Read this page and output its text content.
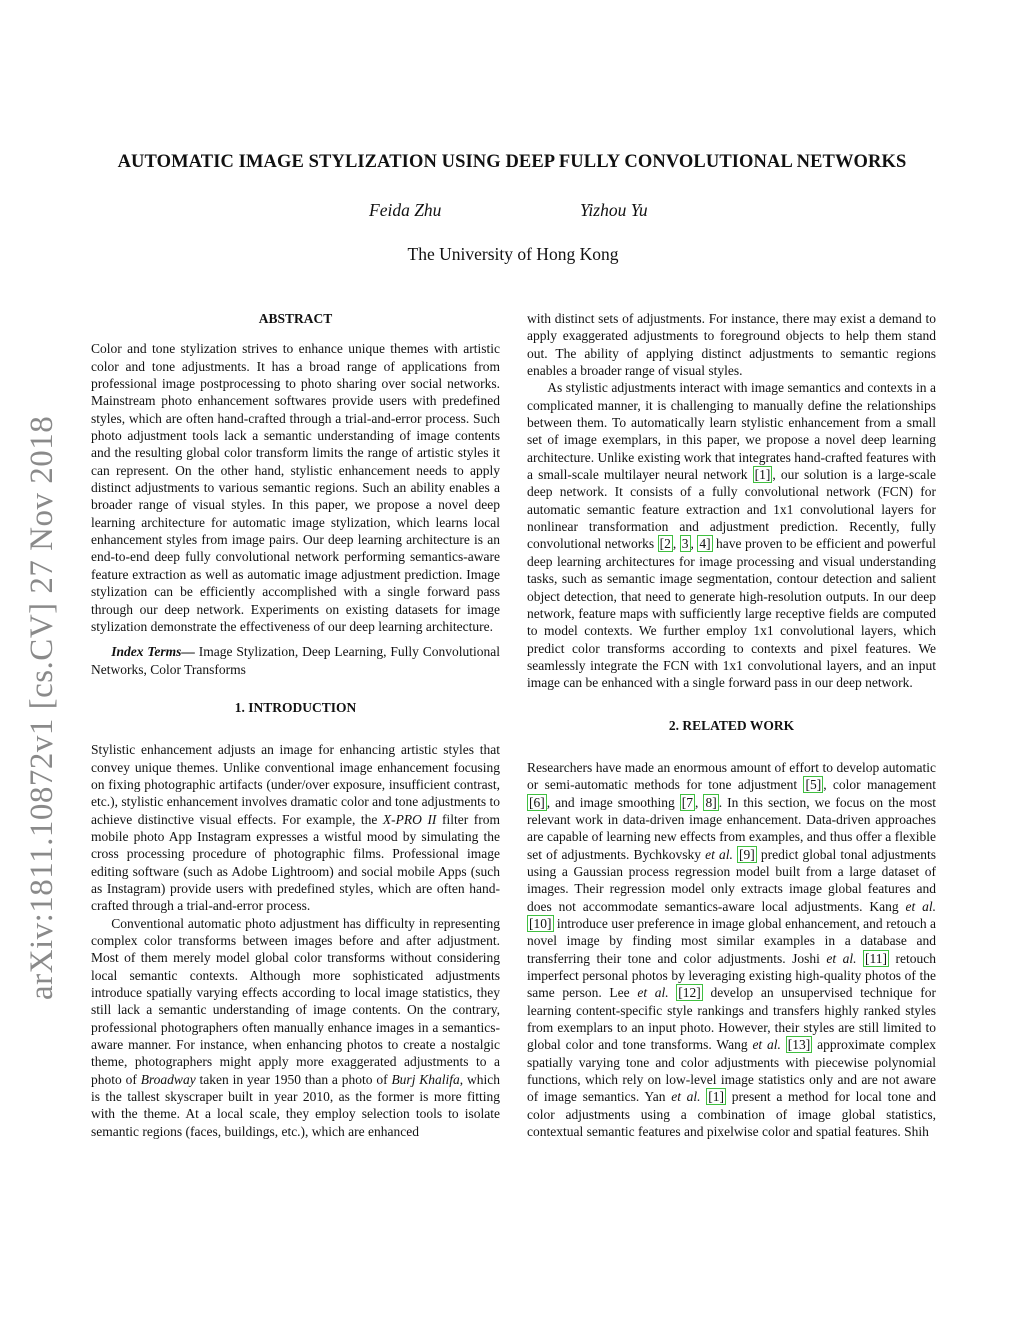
arXiv:1811.10872v1 [cs.CV] 27 Nov 2018
AUTOMATIC IMAGE STYLIZATION USING DEEP FULLY CONVOLUTIONAL NETWORKS
Feida Zhu	Yizhou Yu
The University of Hong Kong
ABSTRACT

Color and tone stylization strives to enhance unique themes with artistic color and tone adjustments. It has a broad range of applications from professional image postprocessing to photo sharing over social networks. Mainstream photo enhancement softwares provide users with predefined styles, which are often hand-crafted through a trial-and-error process. Such photo adjustment tools lack a semantic understanding of image contents and the resulting global color transform limits the range of artistic styles it can represent. On the other hand, stylistic enhancement needs to apply distinct adjustments to various semantic regions. Such an ability enables a broader range of visual styles. In this paper, we propose a novel deep learning architecture for automatic image stylization, which learns local enhancement styles from image pairs. Our deep learning architecture is an end-to-end deep fully convolutional network performing semantics-aware feature extraction as well as automatic image adjustment prediction. Image stylization can be efficiently accomplished with a single forward pass through our deep network. Experiments on existing datasets for image stylization demonstrate the effectiveness of our deep learning architecture.

Index Terms— Image Stylization, Deep Learning, Fully Convolutional Networks, Color Transforms

1. INTRODUCTION

Stylistic enhancement adjusts an image for enhancing artistic styles that convey unique themes. Unlike conventional image enhancement focusing on fixing photographic artifacts (under/over exposure, insufficient contrast, etc.), stylistic enhancement involves dramatic color and tone adjustments to achieve distinctive visual effects. For example, the X-PRO II filter from mobile photo App Instagram expresses a wistful mood by simulating the cross processing procedure of photographic films. Professional image editing software (such as Adobe Lightroom) and social mobile Apps (such as Instagram) provide users with predefined styles, which are often hand-crafted through a trial-and-error process.

Conventional automatic photo adjustment has difficulty in representing complex color transforms between images before and after adjustment. Most of them merely model global color transforms without considering local semantic contexts. Although more sophisticated adjustments introduce spatially varying effects according to local image statistics, they still lack a semantic understanding of image contents. On the contrary, professional photographers often manually enhance images in a semantics-aware manner. For instance, when enhancing photos to create a nostalgic theme, photographers might apply more exaggerated adjustments to a photo of Broadway taken in year 1950 than a photo of Burj Khalifa, which is the tallest skyscraper built in year 2010, as the former is more fitting with the theme. At a local scale, they employ selection tools to isolate semantic regions (faces, buildings, etc.), which are enhanced

with distinct sets of adjustments. For instance, there may exist a demand to apply exaggerated adjustments to foreground objects to help them stand out. The ability of applying distinct adjustments to semantic regions enables a broader range of visual styles.

As stylistic adjustments interact with image semantics and contexts in a complicated manner, it is challenging to manually define the relationships between them. To automatically learn stylistic enhancement from a small set of image exemplars, in this paper, we propose a novel deep learning architecture. Unlike existing work that integrates hand-crafted features with a small-scale multilayer neural network [1] , our solution is a large-scale deep network. It consists of a fully convolutional network (FCN) for automatic semantic feature extraction and 1x1 convolutional layers for nonlinear transformation and adjustment prediction. Recently, fully convolutional networks [2 , 3 , 4] have proven to be efficient and powerful deep learning architectures for image processing and visual understanding tasks, such as semantic image segmentation, contour detection and salient object detection, that need to generate high-resolution outputs. In our deep network, feature maps with sufficiently large receptive fields are computed to model contexts. We further employ 1x1 convolutional layers, which predict color transforms according to contexts and pixel features. We seamlessly integrate the FCN with 1x1 convolutional layers, and an input image can be enhanced with a single forward pass in our deep network.

2. RELATED WORK

Researchers have made an enormous amount of effort to develop automatic or semi-automatic methods for tone adjustment [5] , color management [6] , and image smoothing [7 , 8] . In this section, we focus on the most relevant work in data-driven image enhancement. Data-driven approaches are capable of learning new effects from examples, and thus offer a flexible set of adjustments. Bychkovsky et al. [9] predict global tonal adjustments using a Gaussian process regression model built from a large dataset of images. Their regression model only extracts image global features and does not accommodate semantics-aware local adjustments. Kang et al. [10] introduce user preference in image global enhancement, and retouch a novel image by finding most similar examples in a database and transferring their tone and color adjustments. Joshi et al. [11] retouch imperfect personal photos by leveraging existing high-quality photos of the same person. Lee et al. [12] develop an unsupervised technique for learning content-specific style rankings and transfers highly ranked styles from exemplars to an input photo. However, their styles are still limited to global color and tone transforms. Wang et al. [13] approximate complex spatially varying tone and color adjustments with piecewise polynomial functions, which rely on low-level image statistics only and are not aware of image semantics. Yan et al. [1] present a method for local tone and color adjustments using a combination of image global statistics, contextual semantic features and pixelwise color and spatial features. Shih
